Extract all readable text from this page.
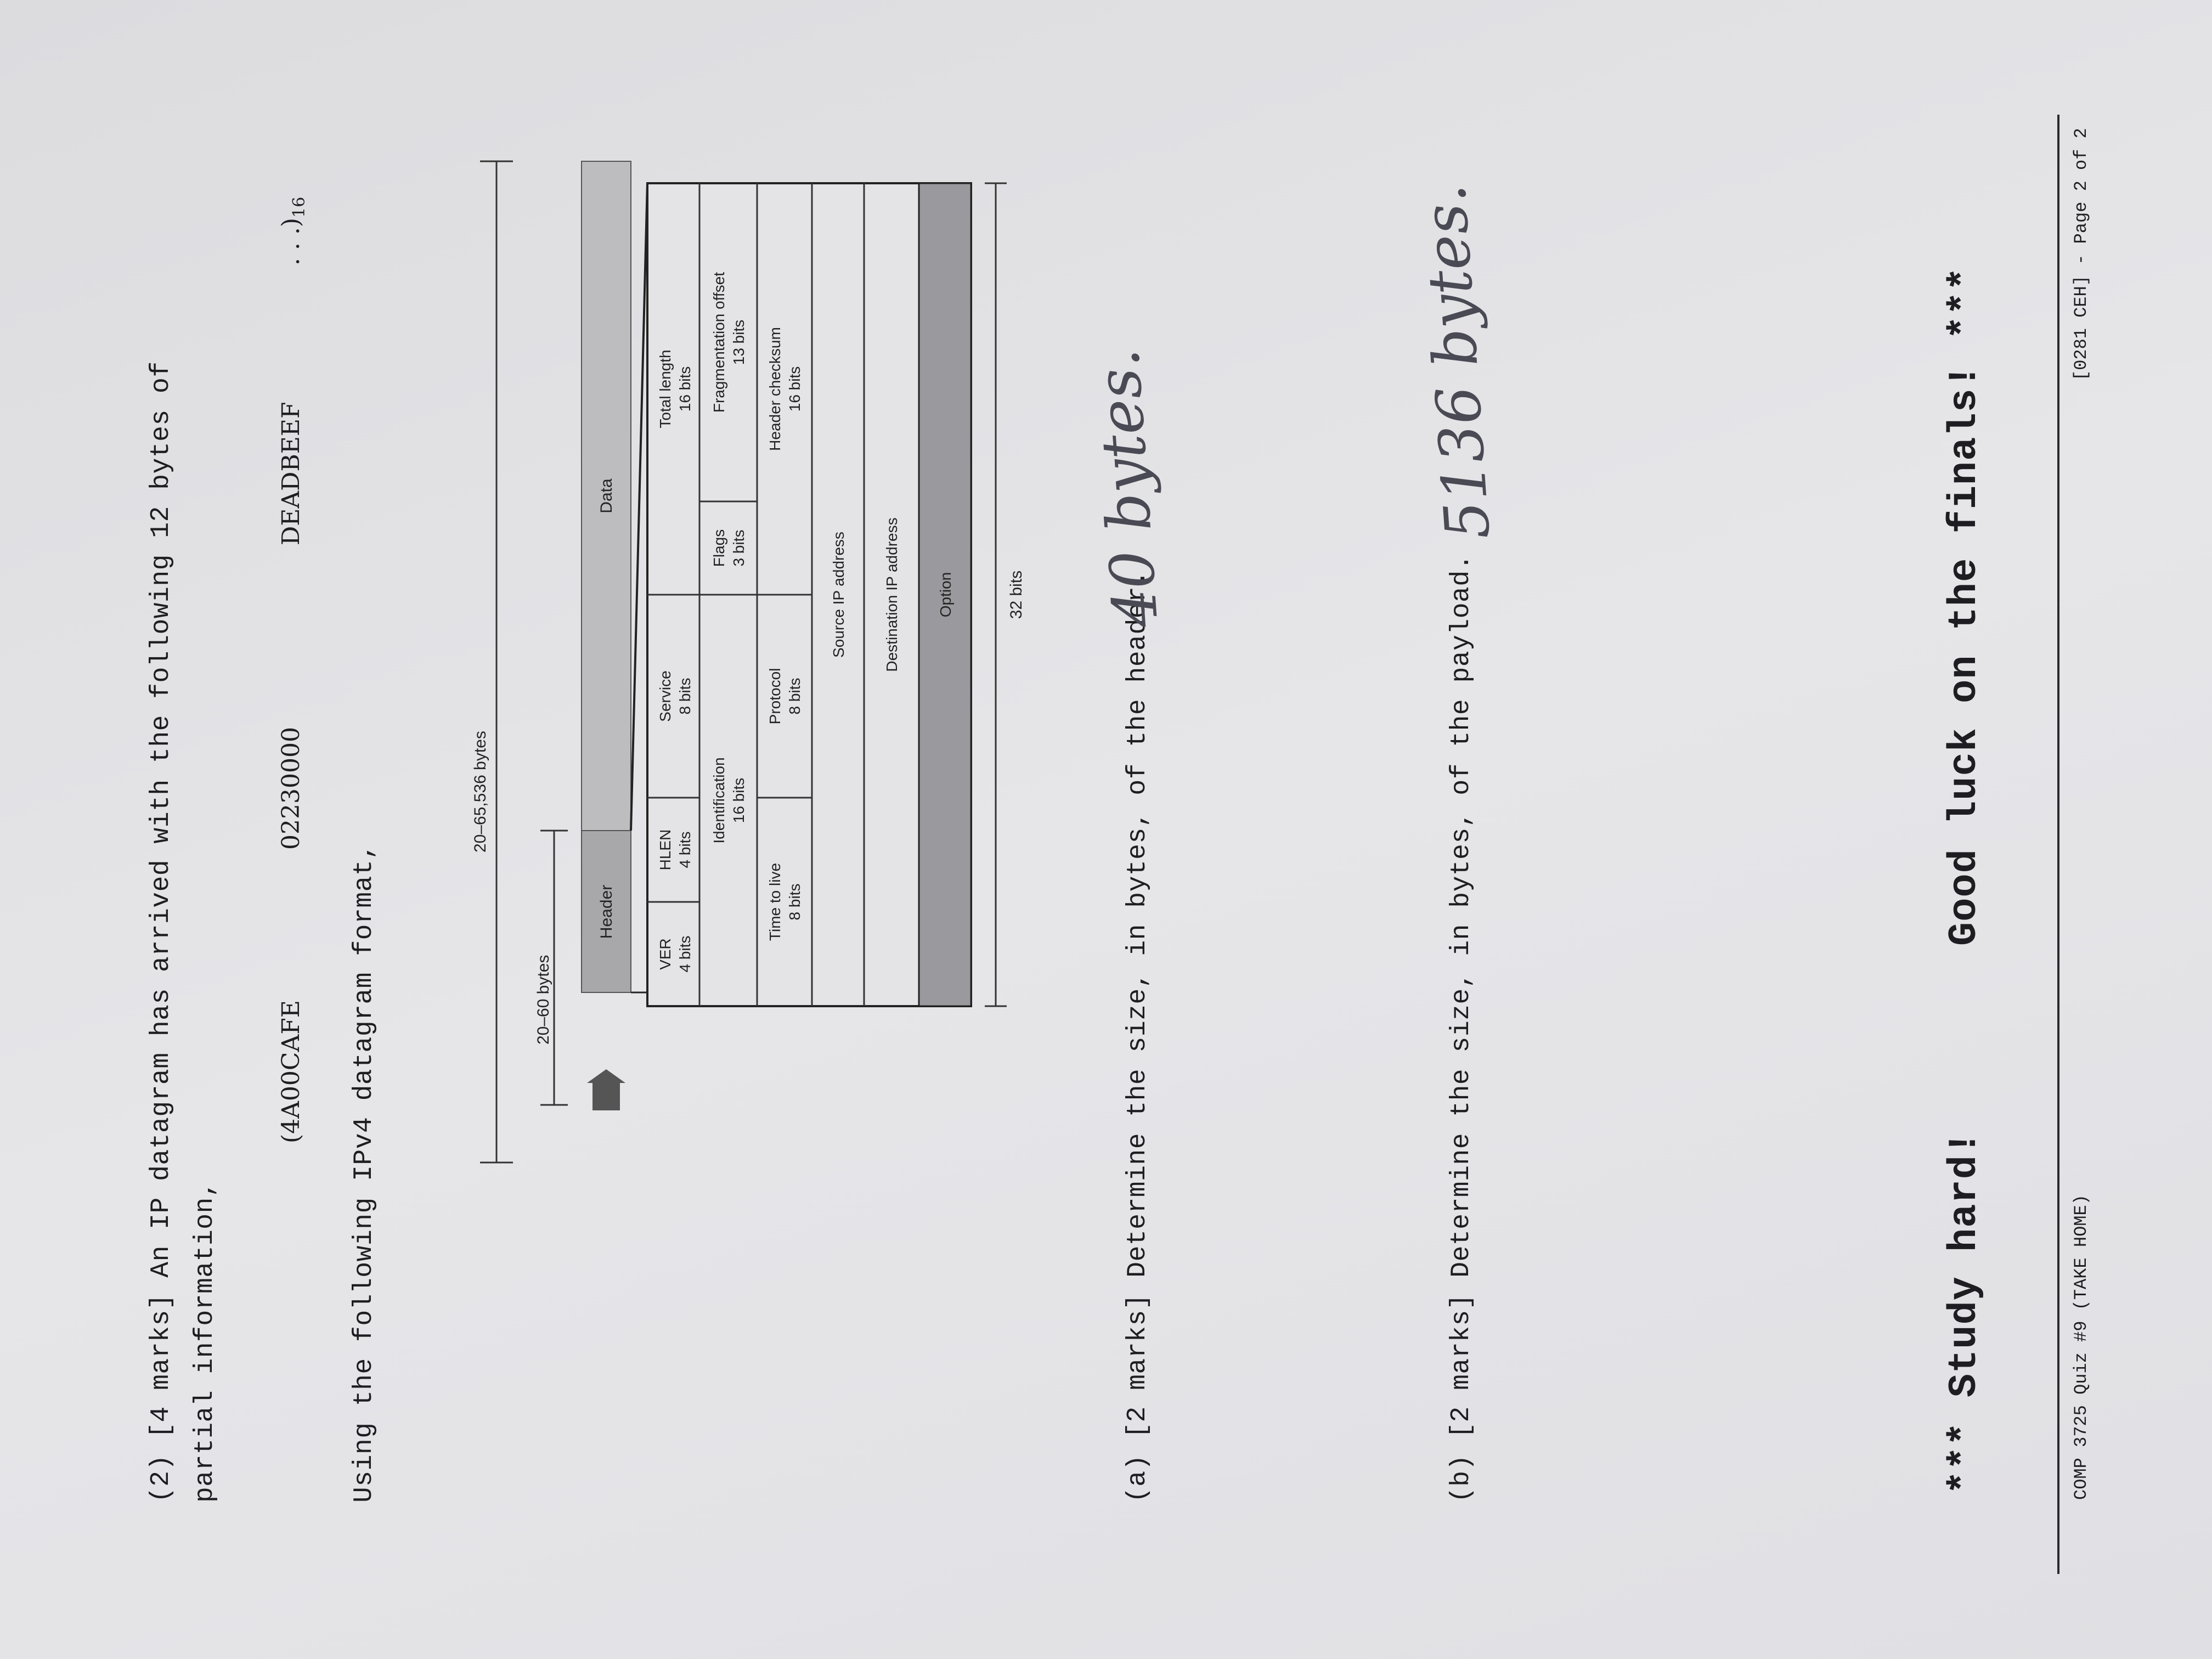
(2) [4 marks] An IP datagram has arrived with the following 12 bytes of partial information,
(4A00CAFE
02230000
DEADBEEF
. . $.)_{16}$
Using the following IPv4 datagram format,
20–65,536 bytes
20–60 bytes
Header
Data
VER 4 bits
HLEN 4 bits
Service 8 bits
Total length 16 bits
Identification 16 bits
Flags 3 bits
Fragmentation offset 13 bits
Time to live 8 bits
Protocol 8 bits
Header checksum 16 bits
Source IP address Destination IP address Option	32 bits	(a) [2 marks] Determine the size, in bytes, of the header.
40 bytes.
(b) [2 marks] Determine the size, in bytes, of the payload.
5136 bytes.
*** Study hard!
Good luck on the finals! ***
COMP 3725 Quiz #9 (TAKE HOME)
[0281 CEH] - Page 2 of 2
